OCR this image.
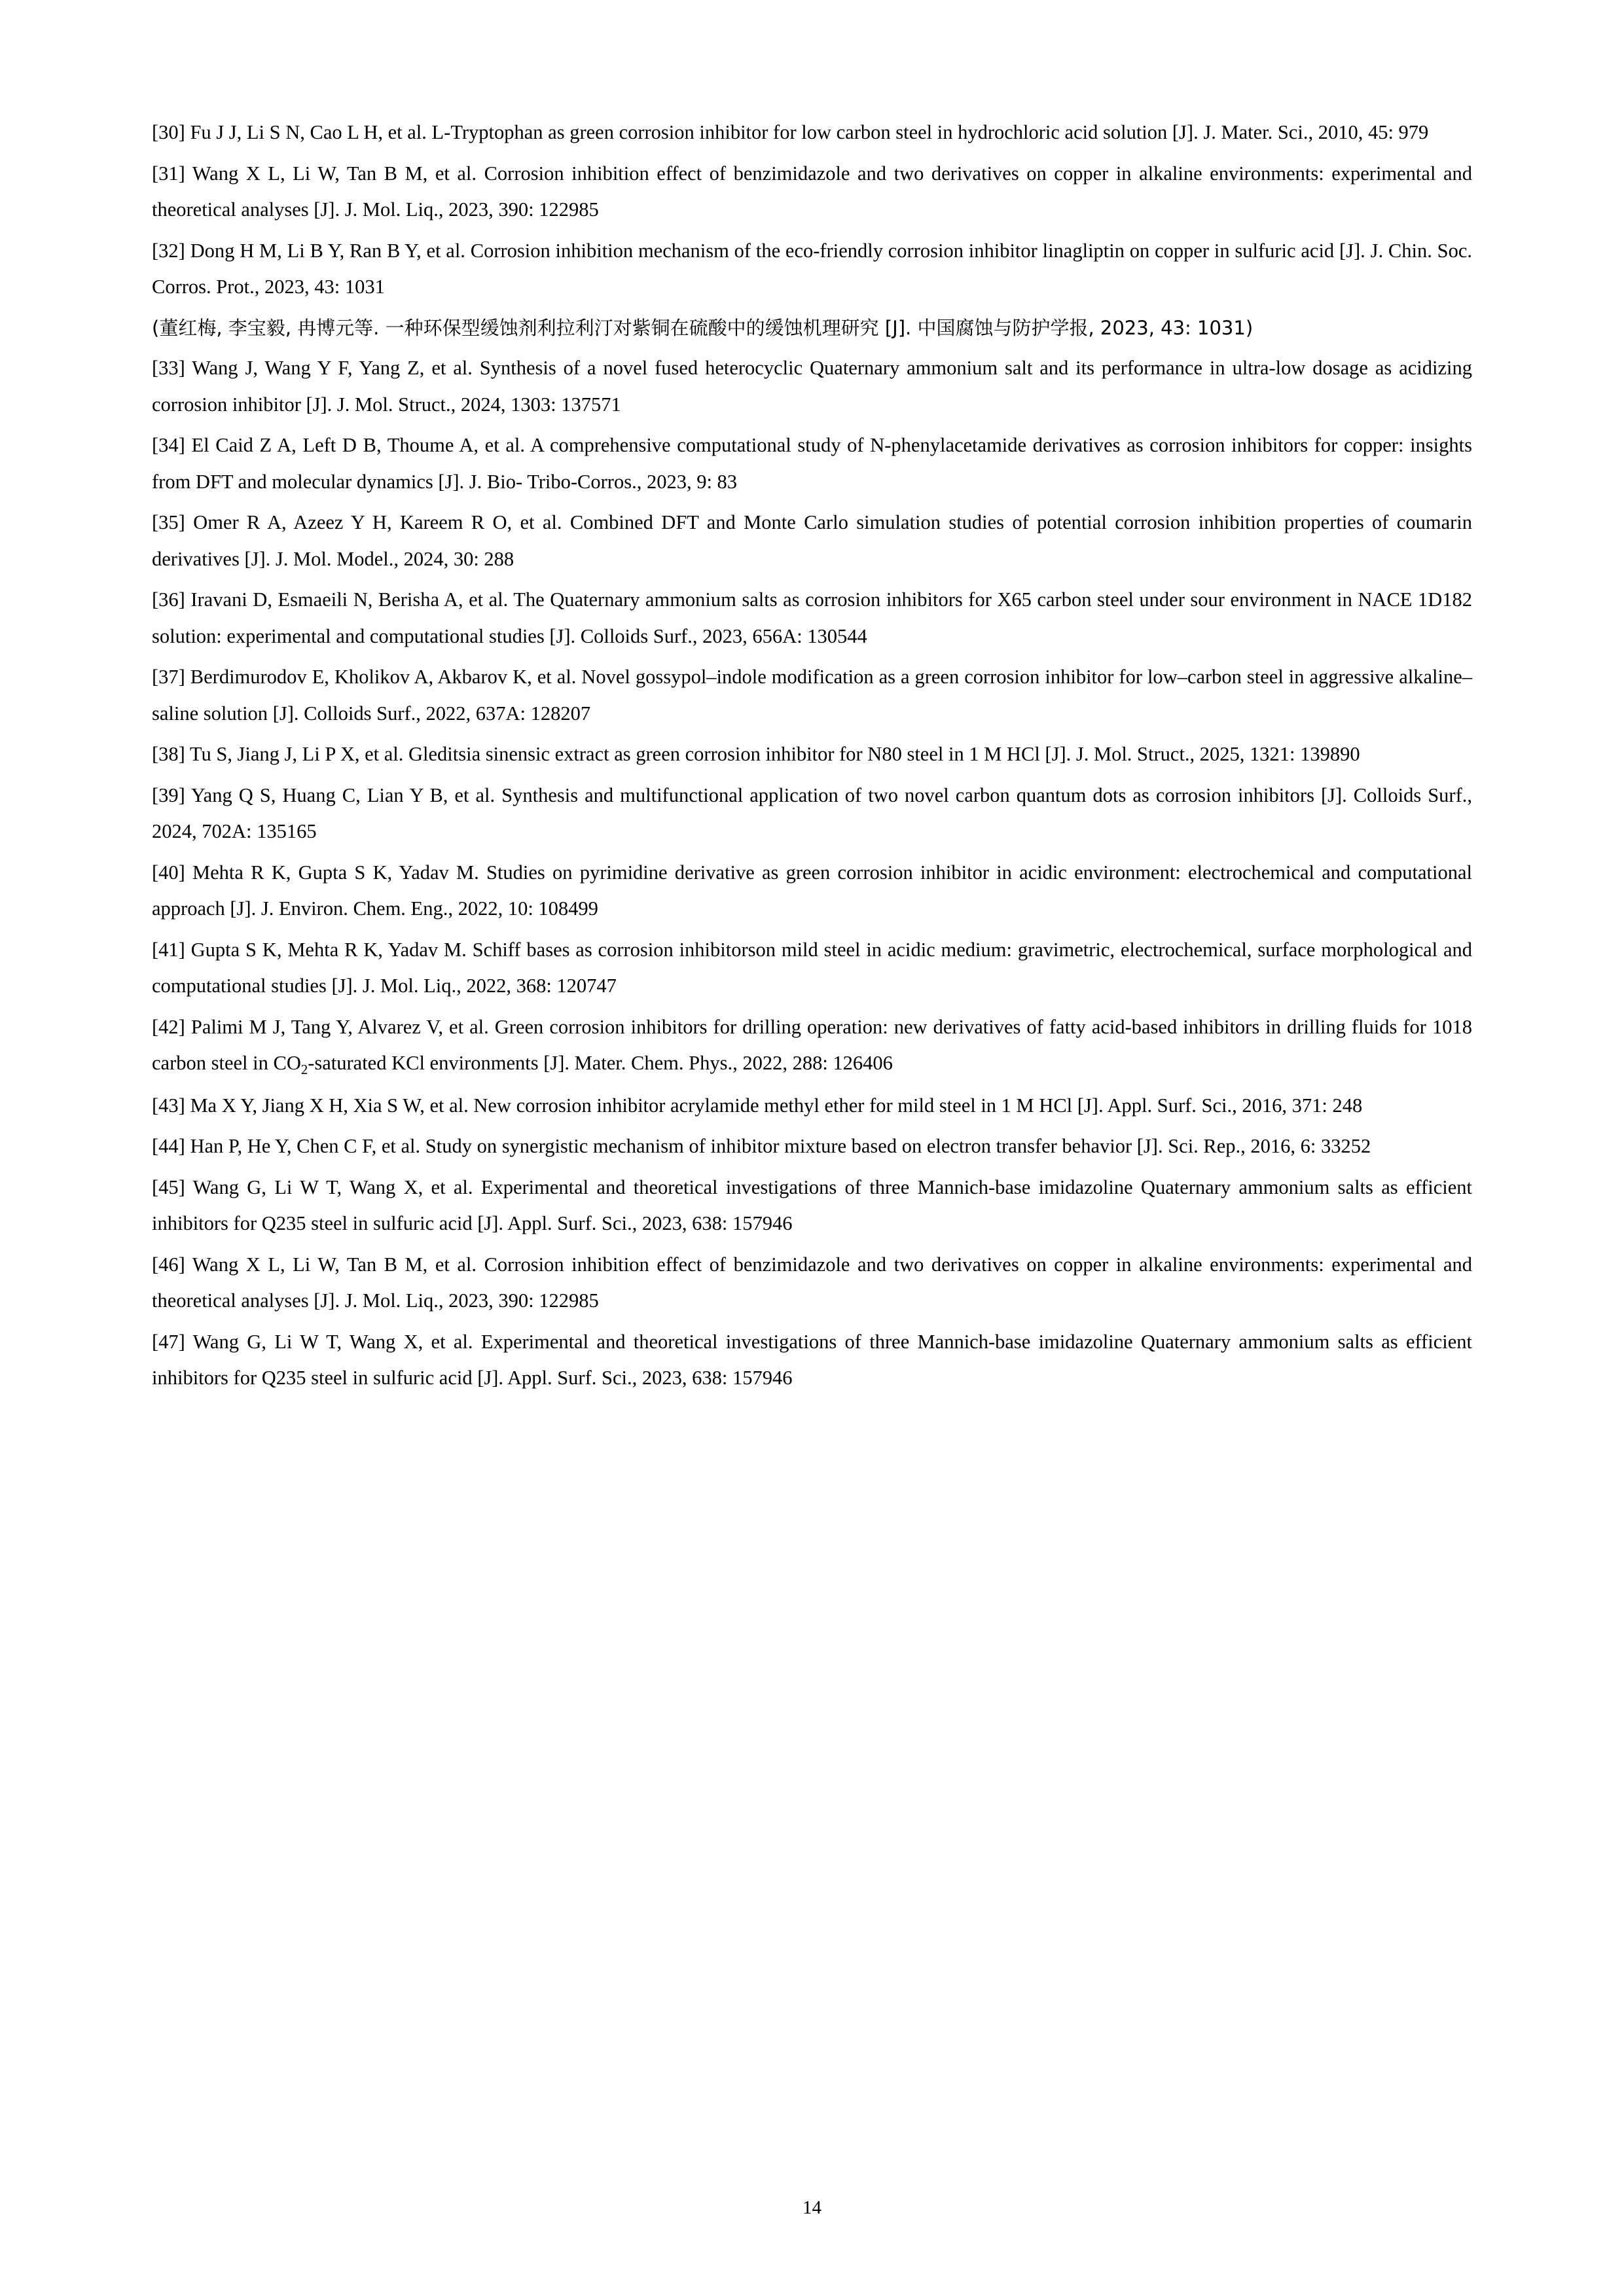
[30] Fu J J, Li S N, Cao L H, et al. L-Tryptophan as green corrosion inhibitor for low carbon steel in hydrochloric acid solution [J]. J. Mater. Sci., 2010, 45: 979

[31] Wang X L, Li W, Tan B M, et al. Corrosion inhibition effect of benzimidazole and two derivatives on copper in alkaline environments: experimental and theoretical analyses [J]. J. Mol. Liq., 2023, 390: 122985

[32] Dong H M, Li B Y, Ran B Y, et al. Corrosion inhibition mechanism of the eco-friendly corrosion inhibitor linagliptin on copper in sulfuric acid [J]. J. Chin. Soc. Corros. Prot., 2023, 43: 1031

(董红梅, 李宝毅, 冉博元等. 一种环保型缓蚀剂利拉利汀对紫铜在硫酸中的缓蚀机理研究 [J]. 中国腐蚀与防护学报, 2023, 43: 1031)

[33] Wang J, Wang Y F, Yang Z, et al. Synthesis of a novel fused heterocyclic Quaternary ammonium salt and its performance in ultra-low dosage as acidizing corrosion inhibitor [J]. J. Mol. Struct., 2024, 1303: 137571

[34] El Caid Z A, Left D B, Thoume A, et al. A comprehensive computational study of N-phenylacetamide derivatives as corrosion inhibitors for copper: insights from DFT and molecular dynamics [J]. J. Bio- Tribo-Corros., 2023, 9: 83

[35] Omer R A, Azeez Y H, Kareem R O, et al. Combined DFT and Monte Carlo simulation studies of potential corrosion inhibition properties of coumarin derivatives [J]. J. Mol. Model., 2024, 30: 288

[36] Iravani D, Esmaeili N, Berisha A, et al. The Quaternary ammonium salts as corrosion inhibitors for X65 carbon steel under sour environment in NACE 1D182 solution: experimental and computational studies [J]. Colloids Surf., 2023, 656A: 130544

[37] Berdimurodov E, Kholikov A, Akbarov K, et al. Novel gossypol–indole modification as a green corrosion inhibitor for low–carbon steel in aggressive alkaline–saline solution [J]. Colloids Surf., 2022, 637A: 128207

[38] Tu S, Jiang J, Li P X, et al. Gleditsia sinensic extract as green corrosion inhibitor for N80 steel in 1 M HCl [J]. J. Mol. Struct., 2025, 1321: 139890

[39] Yang Q S, Huang C, Lian Y B, et al. Synthesis and multifunctional application of two novel carbon quantum dots as corrosion inhibitors [J]. Colloids Surf., 2024, 702A: 135165

[40] Mehta R K, Gupta S K, Yadav M. Studies on pyrimidine derivative as green corrosion inhibitor in acidic environment: electrochemical and computational approach [J]. J. Environ. Chem. Eng., 2022, 10: 108499

[41] Gupta S K, Mehta R K, Yadav M. Schiff bases as corrosion inhibitorson mild steel in acidic medium: gravimetric, electrochemical, surface morphological and computational studies [J]. J. Mol. Liq., 2022, 368: 120747

[42] Palimi M J, Tang Y, Alvarez V, et al. Green corrosion inhibitors for drilling operation: new derivatives of fatty acid-based inhibitors in drilling fluids for 1018 carbon steel in $CO_2$-saturated KCl environments [J]. Mater. Chem. Phys., 2022, 288: 126406

[43] Ma X Y, Jiang X H, Xia S W, et al. New corrosion inhibitor acrylamide methyl ether for mild steel in 1 M HCl [J]. Appl. Surf. Sci., 2016, 371: 248

[44] Han P, He Y, Chen C F, et al. Study on synergistic mechanism of inhibitor mixture based on electron transfer behavior [J]. Sci. Rep., 2016, 6: 33252

[45] Wang G, Li W T, Wang X, et al. Experimental and theoretical investigations of three Mannich-base imidazoline Quaternary ammonium salts as efficient inhibitors for Q235 steel in sulfuric acid [J]. Appl. Surf. Sci., 2023, 638: 157946

[46] Wang X L, Li W, Tan B M, et al. Corrosion inhibition effect of benzimidazole and two derivatives on copper in alkaline environments: experimental and theoretical analyses [J]. J. Mol. Liq., 2023, 390: 122985

[47] Wang G, Li W T, Wang X, et al. Experimental and theoretical investigations of three Mannich-base imidazoline Quaternary ammonium salts as efficient inhibitors for Q235 steel in sulfuric acid [J]. Appl. Surf. Sci., 2023, 638: 157946

14
